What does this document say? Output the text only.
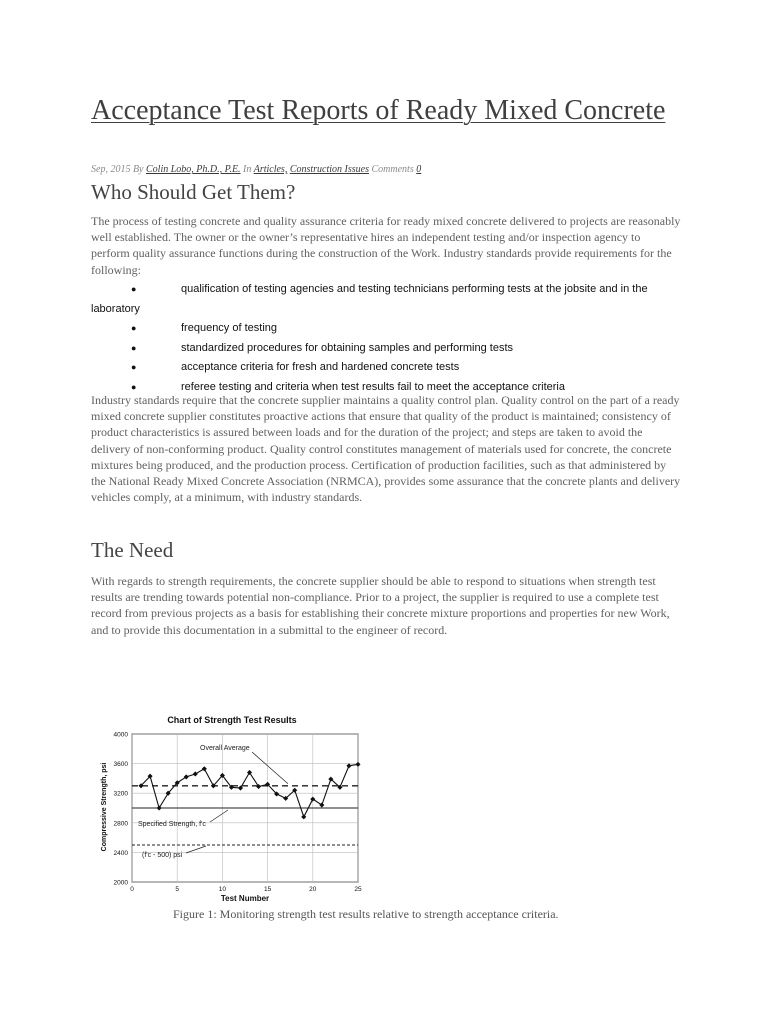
Acceptance Test Reports of Ready Mixed Concrete
Sep, 2015 By Colin Lobo, Ph.D., P.E. In Articles, Construction Issues Comments 0
Who Should Get Them?

The process of testing concrete and quality assurance criteria for ready mixed concrete delivered to projects are reasonably well established. The owner or the owner’s representative hires an independent testing and/or inspection agency to perform quality assurance functions during the construction of the Work. Industry standards provide requirements for the following:

●	qualification of testing agencies and testing technicians performing tests at the jobsite and in the laboratory
●	frequency of testing
●	standardized procedures for obtaining samples and performing tests
●	acceptance criteria for fresh and hardened concrete tests
●	referee testing and criteria when test results fail to meet the acceptance criteria

Industry standards require that the concrete supplier maintains a quality control plan. Quality control on the part of a ready mixed concrete supplier constitutes proactive actions that ensure that quality of the product is maintained; consistency of product characteristics is assured between loads and for the duration of the project; and steps are taken to avoid the delivery of non-conforming product. Quality control constitutes management of materials used for concrete, the concrete mixtures being produced, and the production process. Certification of production facilities, such as that administered by the National Ready Mixed Concrete Association (NRMCA), provides some assurance that the concrete plants and delivery vehicles comply, at a minimum, with industry standards.

The Need

With regards to strength requirements, the concrete supplier should be able to respond to situations when strength test results are trending towards potential non-compliance. Prior to a project, the supplier is required to use a complete test record from previous projects as a basis for establishing their concrete mixture proportions and properties for new Work, and to provide this documentation in a submittal to the engineer of record.

Chart of Strength Test Results
Compressive Strength, psi
Test Number
2000
2400
2800
3200
3600
4000
0	5	10	15	20	25
Overall Average
Specified Strength, f'c
(f'c - 500) psi
Figure 1: Monitoring strength test results relative to strength acceptance criteria.
